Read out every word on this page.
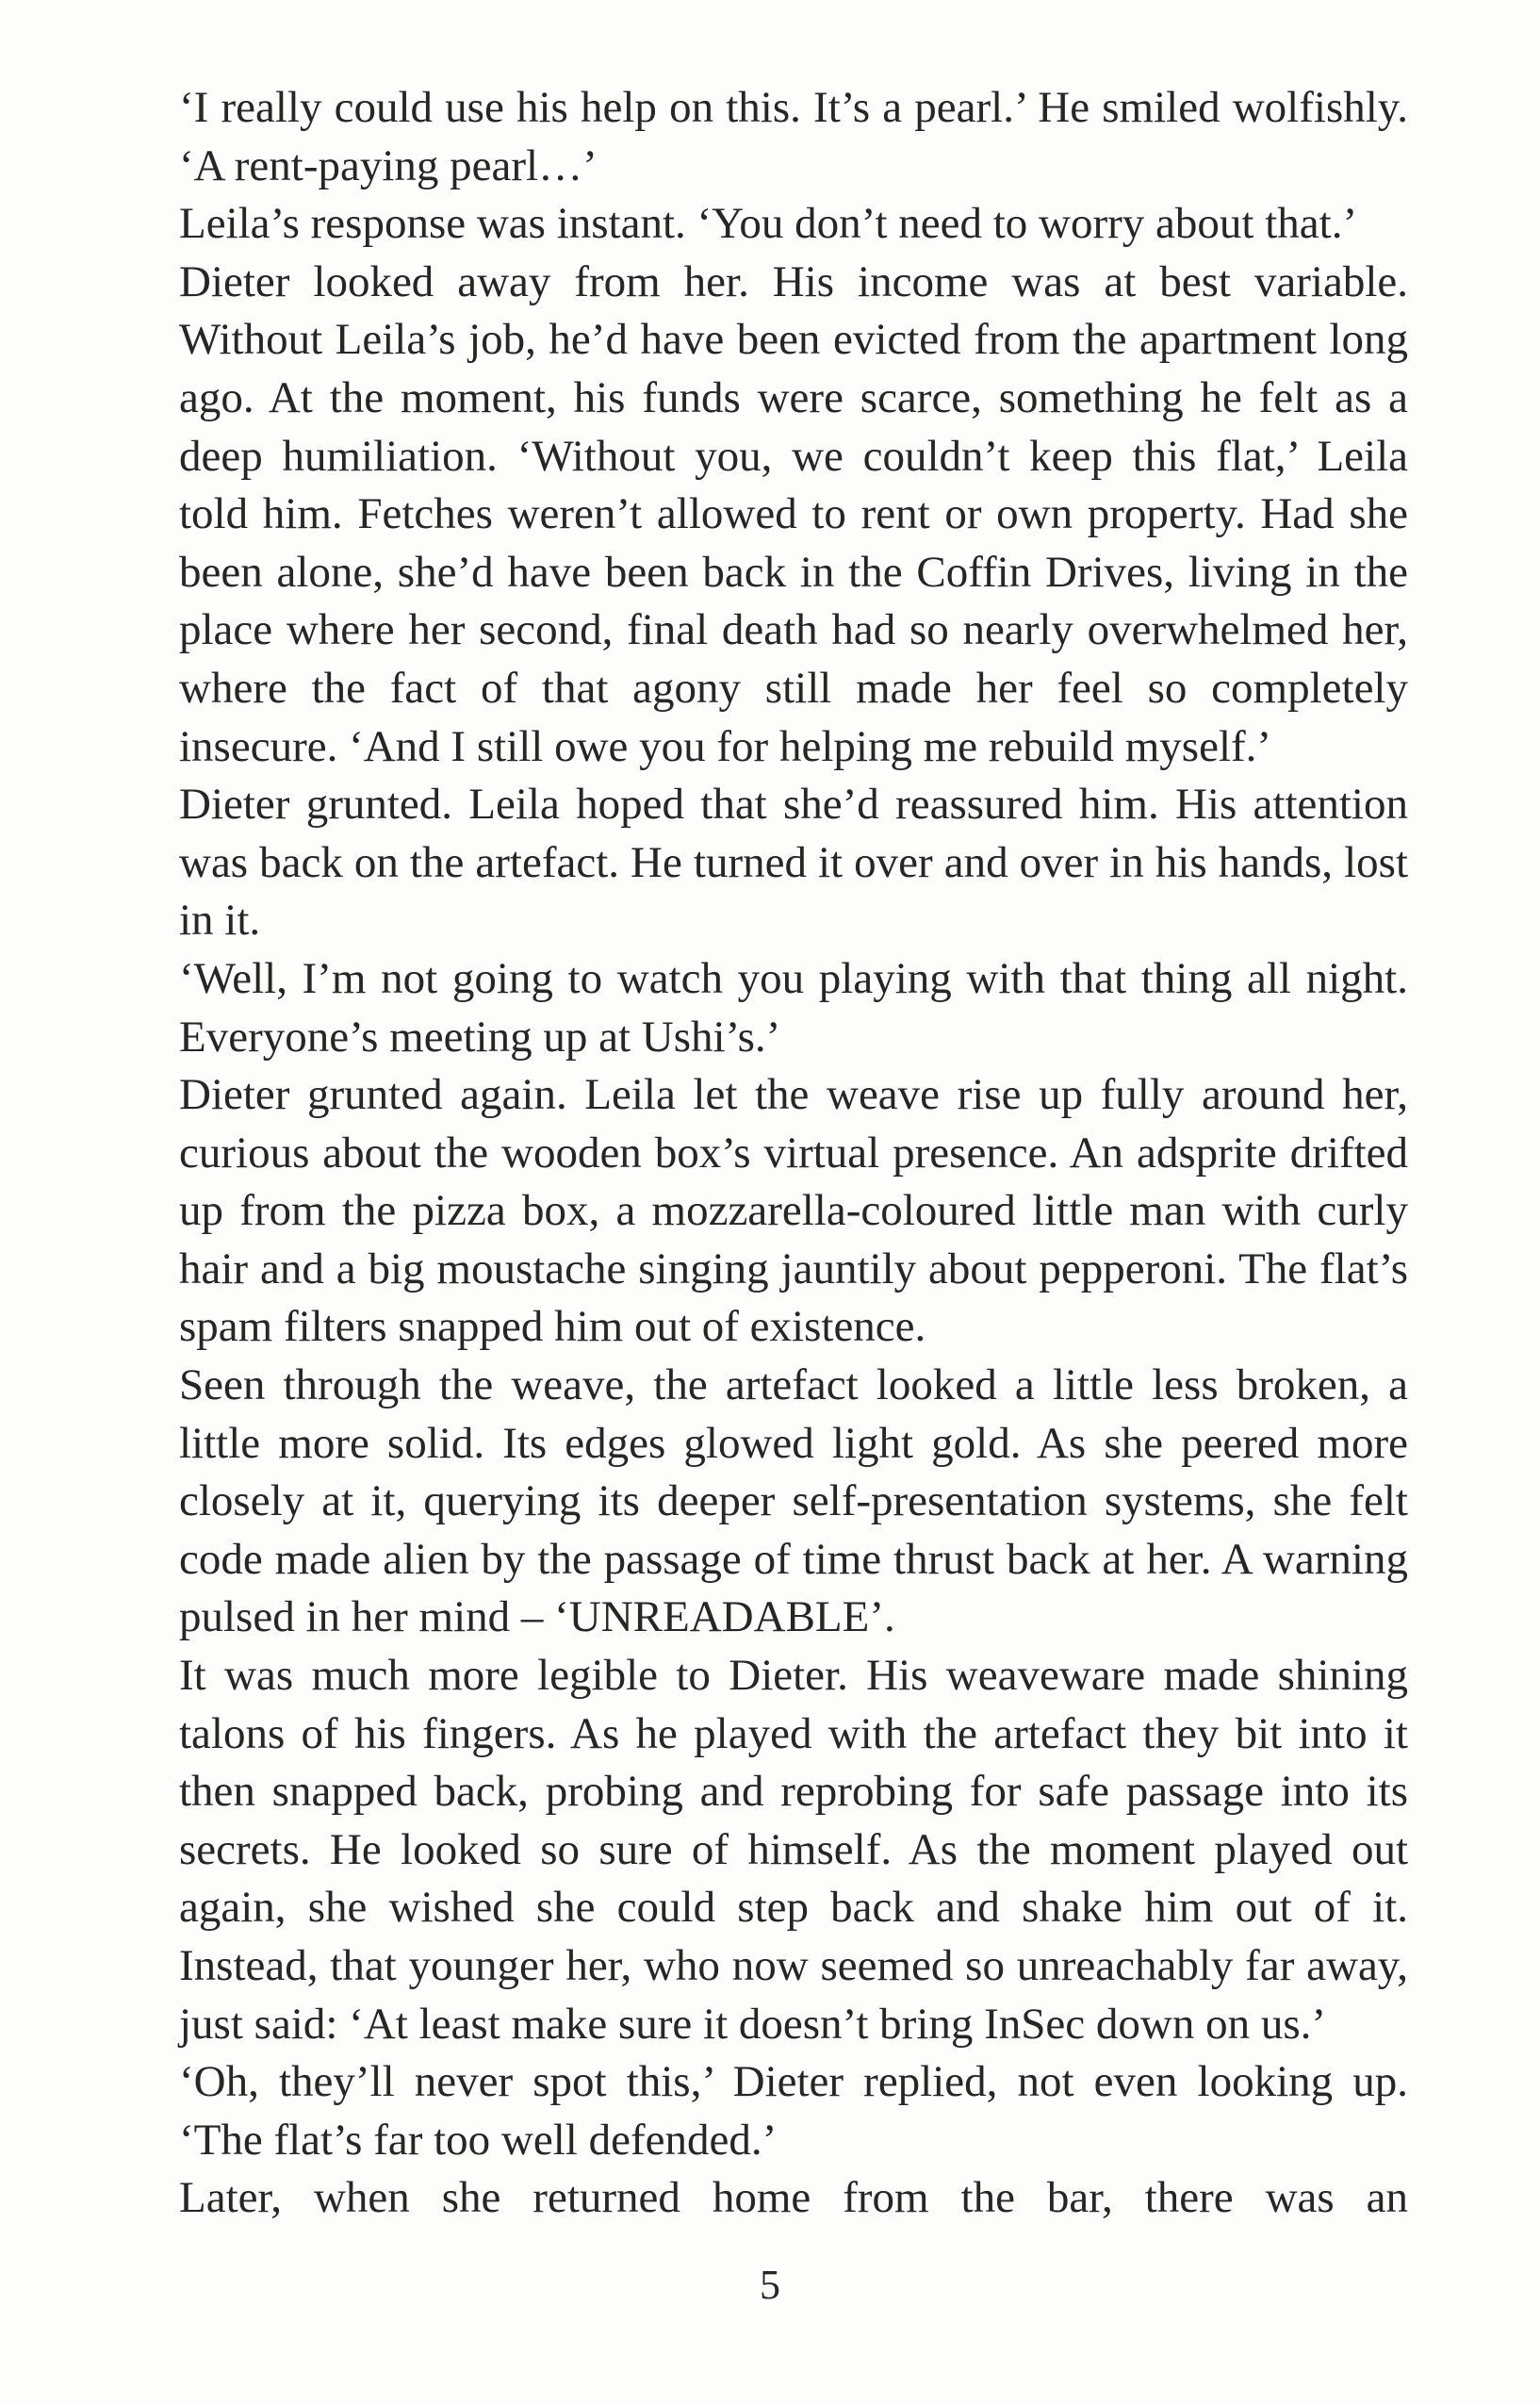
‘I really could use his help on this. It’s a pearl.’ He smiled wolfishly. ‘A rent-paying pearl…’

Leila’s response was instant. ‘You don’t need to worry about that.’

Dieter looked away from her. His income was at best variable. Without Leila’s job, he’d have been evicted from the apartment long ago. At the moment, his funds were scarce, something he felt as a deep humiliation. ‘Without you, we couldn’t keep this flat,’ Leila told him. Fetches weren’t allowed to rent or own property. Had she been alone, she’d have been back in the Coffin Drives, living in the place where her second, final death had so nearly overwhelmed her, where the fact of that agony still made her feel so completely insecure. ‘And I still owe you for helping me rebuild myself.’

Dieter grunted. Leila hoped that she’d reassured him. His attention was back on the artefact. He turned it over and over in his hands, lost in it.

‘Well, I’m not going to watch you playing with that thing all night. Everyone’s meeting up at Ushi’s.’

Dieter grunted again. Leila let the weave rise up fully around her, curious about the wooden box’s virtual presence. An adsprite drifted up from the pizza box, a mozzarella-coloured little man with curly hair and a big moustache singing jauntily about pepperoni. The flat’s spam filters snapped him out of existence.

Seen through the weave, the artefact looked a little less broken, a little more solid. Its edges glowed light gold. As she peered more closely at it, querying its deeper self-presentation systems, she felt code made alien by the passage of time thrust back at her. A warning pulsed in her mind – ‘UNREADABLE’.

It was much more legible to Dieter. His weaveware made shining talons of his fingers. As he played with the artefact they bit into it then snapped back, probing and reprobing for safe passage into its secrets. He looked so sure of himself. As the moment played out again, she wished she could step back and shake him out of it. Instead, that younger her, who now seemed so unreachably far away, just said: ‘At least make sure it doesn’t bring InSec down on us.’

‘Oh, they’ll never spot this,’ Dieter replied, not even looking up. ‘The flat’s far too well defended.’

Later, when she returned home from the bar, there was an

5
